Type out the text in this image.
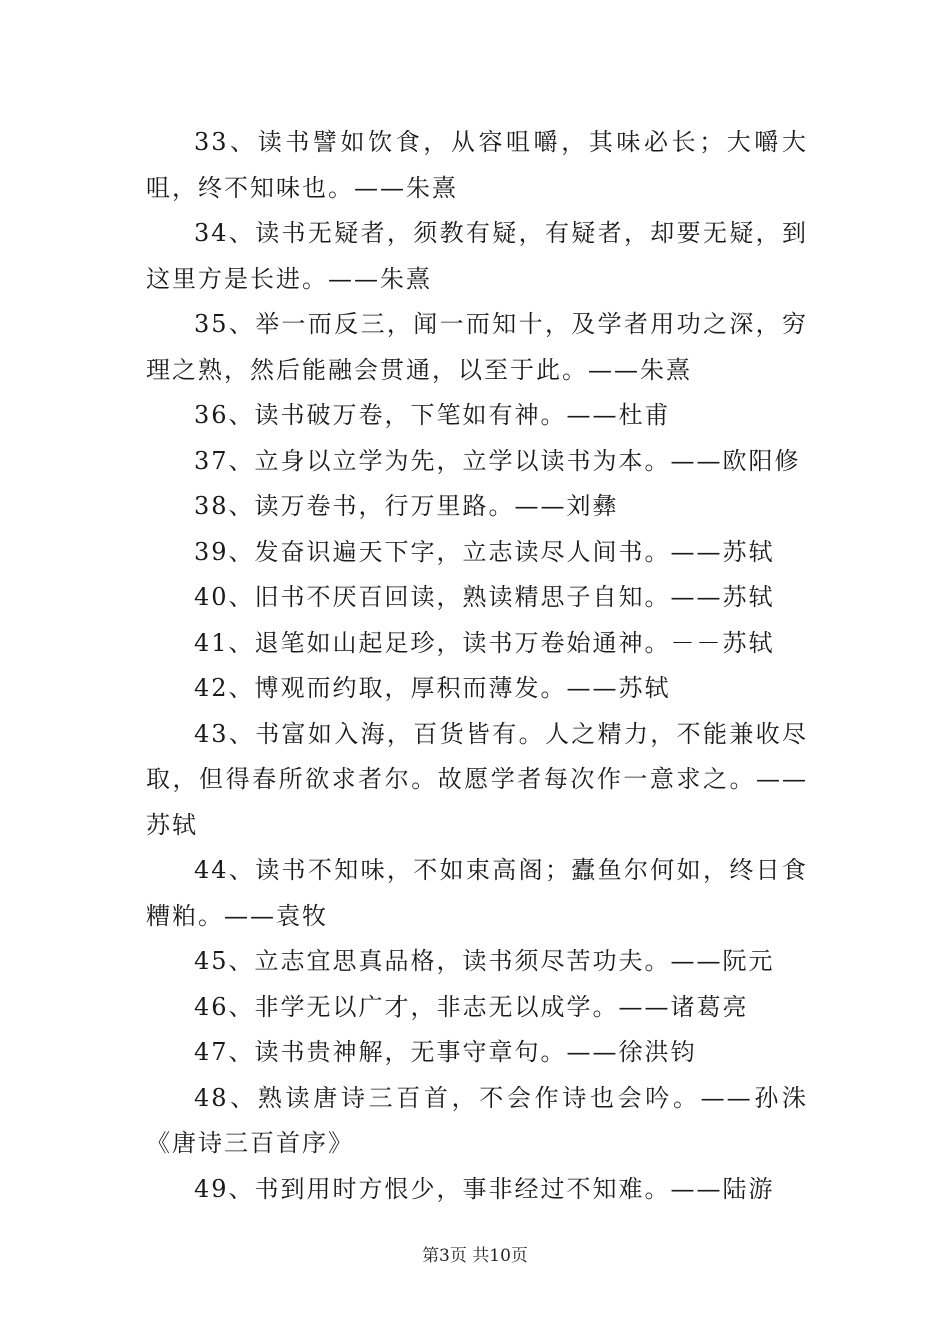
33、读书譬如饮食，从容咀嚼，其味必长；大嚼大咀，终不知味也。——朱熹

34、读书无疑者，须教有疑，有疑者，却要无疑，到这里方是长进。——朱熹

35、举一而反三，闻一而知十，及学者用功之深，穷理之熟，然后能融会贯通，以至于此。——朱熹

36、读书破万卷，下笔如有神。——杜甫

37、立身以立学为先，立学以读书为本。——欧阳修

38、读万卷书，行万里路。——刘彝

39、发奋识遍天下字，立志读尽人间书。——苏轼

40、旧书不厌百回读，熟读精思子自知。——苏轼

41、退笔如山起足珍，读书万卷始通神。－－苏轼

42、博观而约取，厚积而薄发。——苏轼

43、书富如入海，百货皆有。人之精力，不能兼收尽取，但得春所欲求者尔。故愿学者每次作一意求之。——苏轼

44、读书不知味，不如束高阁；蠹鱼尔何如，终日食糟粕。——袁牧

45、立志宜思真品格，读书须尽苦功夫。——阮元

46、非学无以广才，非志无以成学。——诸葛亮

47、读书贵神解，无事守章句。——徐洪钧

48、熟读唐诗三百首，不会作诗也会吟。——孙洙《唐诗三百首序》

49、书到用时方恨少，事非经过不知难。——陆游

第3页 共10页
